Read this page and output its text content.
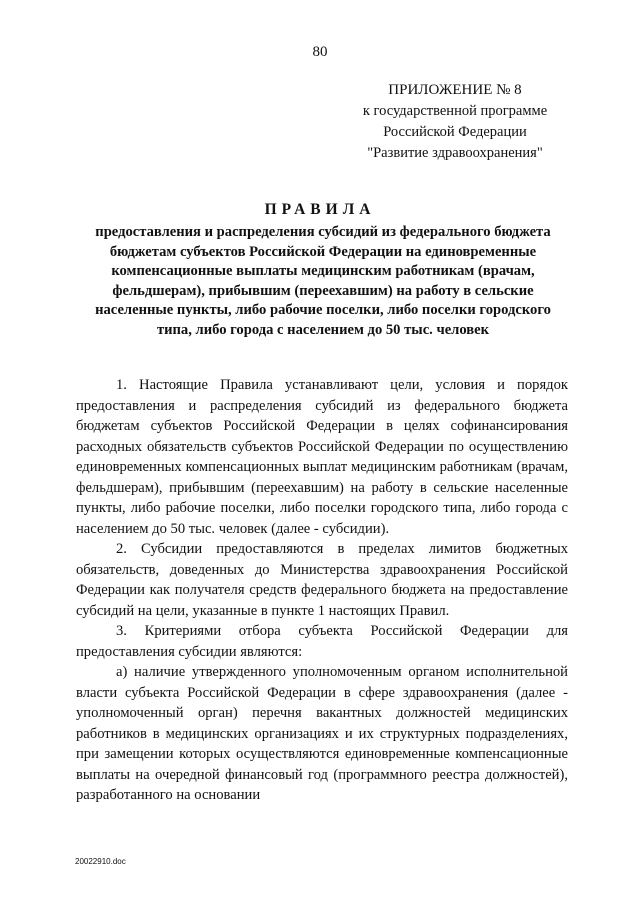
80
ПРИЛОЖЕНИЕ № 8
к государственной программе
Российской Федерации
"Развитие здравоохранения"
ПРАВИЛА
предоставления и распределения субсидий из федерального бюджета бюджетам субъектов Российской Федерации на единовременные компенсационные выплаты медицинским работникам (врачам, фельдшерам), прибывшим (переехавшим) на работу в сельские населенные пункты, либо рабочие поселки, либо поселки городского типа, либо города с населением до 50 тыс. человек

1. Настоящие Правила устанавливают цели, условия и порядок предоставления и распределения субсидий из федерального бюджета бюджетам субъектов Российской Федерации в целях софинансирования расходных обязательств субъектов Российской Федерации по осуществлению единовременных компенсационных выплат медицинским работникам (врачам, фельдшерам), прибывшим (переехавшим) на работу в сельские населенные пункты, либо рабочие поселки, либо поселки городского типа, либо города с населением до 50 тыс. человек (далее - субсидии).

2. Субсидии предоставляются в пределах лимитов бюджетных обязательств, доведенных до Министерства здравоохранения Российской Федерации как получателя средств федерального бюджета на предоставление субсидий на цели, указанные в пункте 1 настоящих Правил.

3. Критериями отбора субъекта Российской Федерации для предоставления субсидии являются:

а) наличие утвержденного уполномоченным органом исполнительной власти субъекта Российской Федерации в сфере здравоохранения (далее - уполномоченный орган) перечня вакантных должностей медицинских работников в медицинских организациях и их структурных подразделениях, при замещении которых осуществляются единовременные компенсационные выплаты на очередной финансовый год (программного реестра должностей), разработанного на основании

20022910.doc
